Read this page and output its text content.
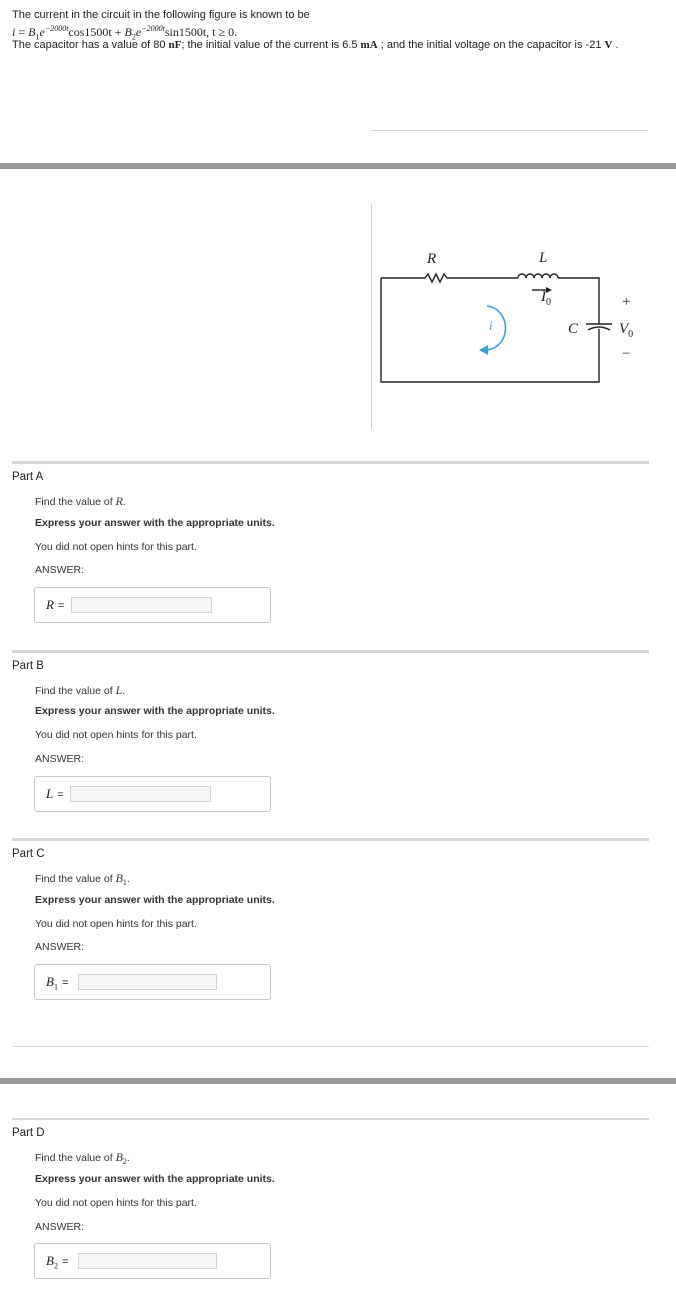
The current in the circuit in the following figure is known to be
$i = B_1e^{-2000t}\cos 1500t + B_2e^{-2000t}\sin 1500t$, t ≥ 0.
The capacitor has a value of 80 nF; the initial value of the current is 6.5 mA ; and the initial voltage on the capacitor is -21 V .
R	L
$I_0$
i	C
+
$V_0$
−
Part A
Find the value of R.
Express your answer with the appropriate units.
You did not open hints for this part.
ANSWER:
R =
Part B
Find the value of L.
Express your answer with the appropriate units.
You did not open hints for this part.
ANSWER:
L =
Part C
Find the value of $B_1$.
Express your answer with the appropriate units.
You did not open hints for this part.
ANSWER:
$B_1$ =
Part D
Find the value of $B_2$.
Express your answer with the appropriate units.
You did not open hints for this part.
ANSWER:
$B_2$ =
